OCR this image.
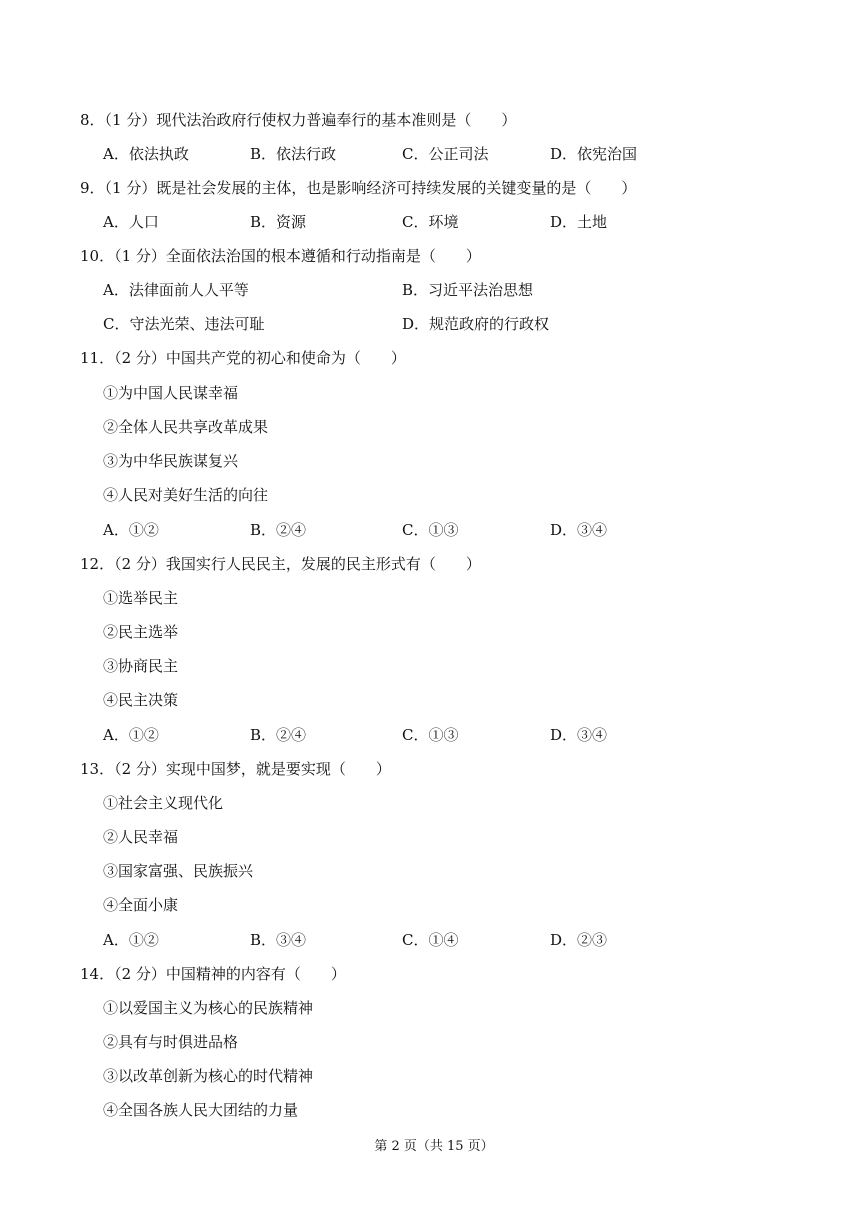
8．（1 分）现代法治政府行使权力普遍奉行的基本准则是（　　）
A．依法执政	B．依法行政	C．公正司法	D．依宪治国
9．（1 分）既是社会发展的主体，也是影响经济可持续发展的关键变量的是（　　）
A．人口	B．资源	C．环境	D．土地
10．（1 分）全面依法治国的根本遵循和行动指南是（　　）
A．法律面前人人平等	B．习近平法治思想
C．守法光荣、违法可耻	D．规范政府的行政权
11．（2 分）中国共产党的初心和使命为（　　）
①为中国人民谋幸福
②全体人民共享改革成果
③为中华民族谋复兴
④人民对美好生活的向往
A．①②	B．②④	C．①③	D．③④
12．（2 分）我国实行人民民主，发展的民主形式有（　　）
①选举民主
②民主选举
③协商民主
④民主决策
A．①②	B．②④	C．①③	D．③④
13．（2 分）实现中国梦，就是要实现（　　）
①社会主义现代化
②人民幸福
③国家富强、民族振兴
④全面小康
A．①②	B．③④	C．①④	D．②③
14．（2 分）中国精神的内容有（　　）
①以爱国主义为核心的民族精神
②具有与时俱进品格
③以改革创新为核心的时代精神
④全国各族人民大团结的力量
第 2 页（共 15 页）
